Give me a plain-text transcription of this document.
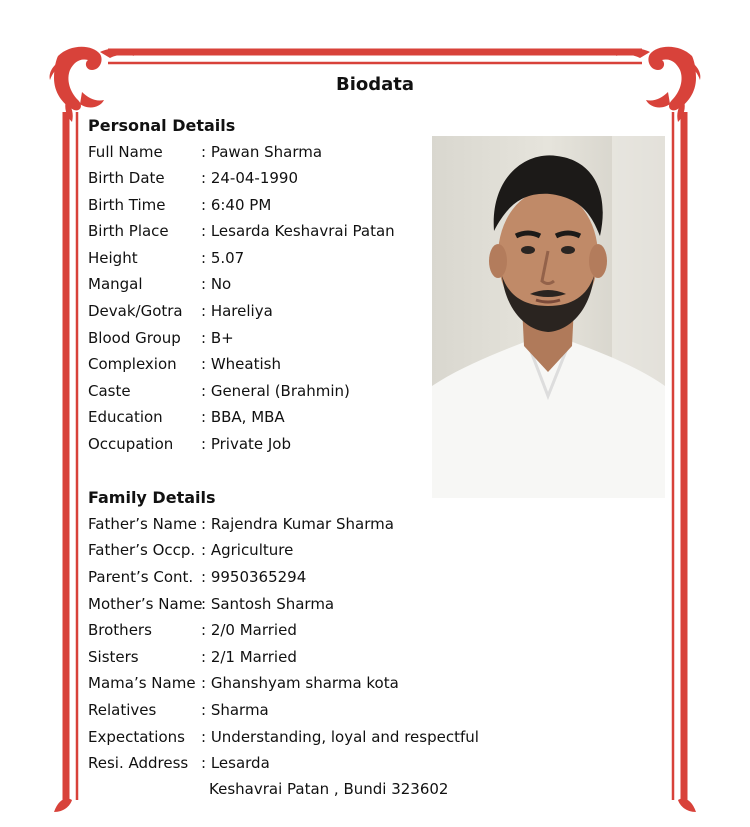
Biodata
Personal Details
Full Name	: Pawan Sharma
Birth Date : 24-04-1990
Birth Time : 6:40 PM
Birth Place : Lesarda Keshavrai Patan
Height	: 5.07
Mangal	: No
Devak/Gotra : Hareliya
Blood Group : B+
Complexion : Wheatish
Caste	: General (Brahmin)
Education	: BBA, MBA
Occupation : Private Job
Family Details
Father’s Name : Rajendra Kumar Sharma
Father’s Occp. : Agriculture
Parent’s Cont. : 9950365294
Mother’s Name: Santosh Sharma
Brothers	: 2/0 Married
Sisters	: 2/1 Married
Mama’s Name : Ghanshyam sharma kota
Relatives	: Sharma
Expectations : Understanding, loyal and respectful
Resi. Address : Lesarda
Keshavrai Patan , Bundi 323602
